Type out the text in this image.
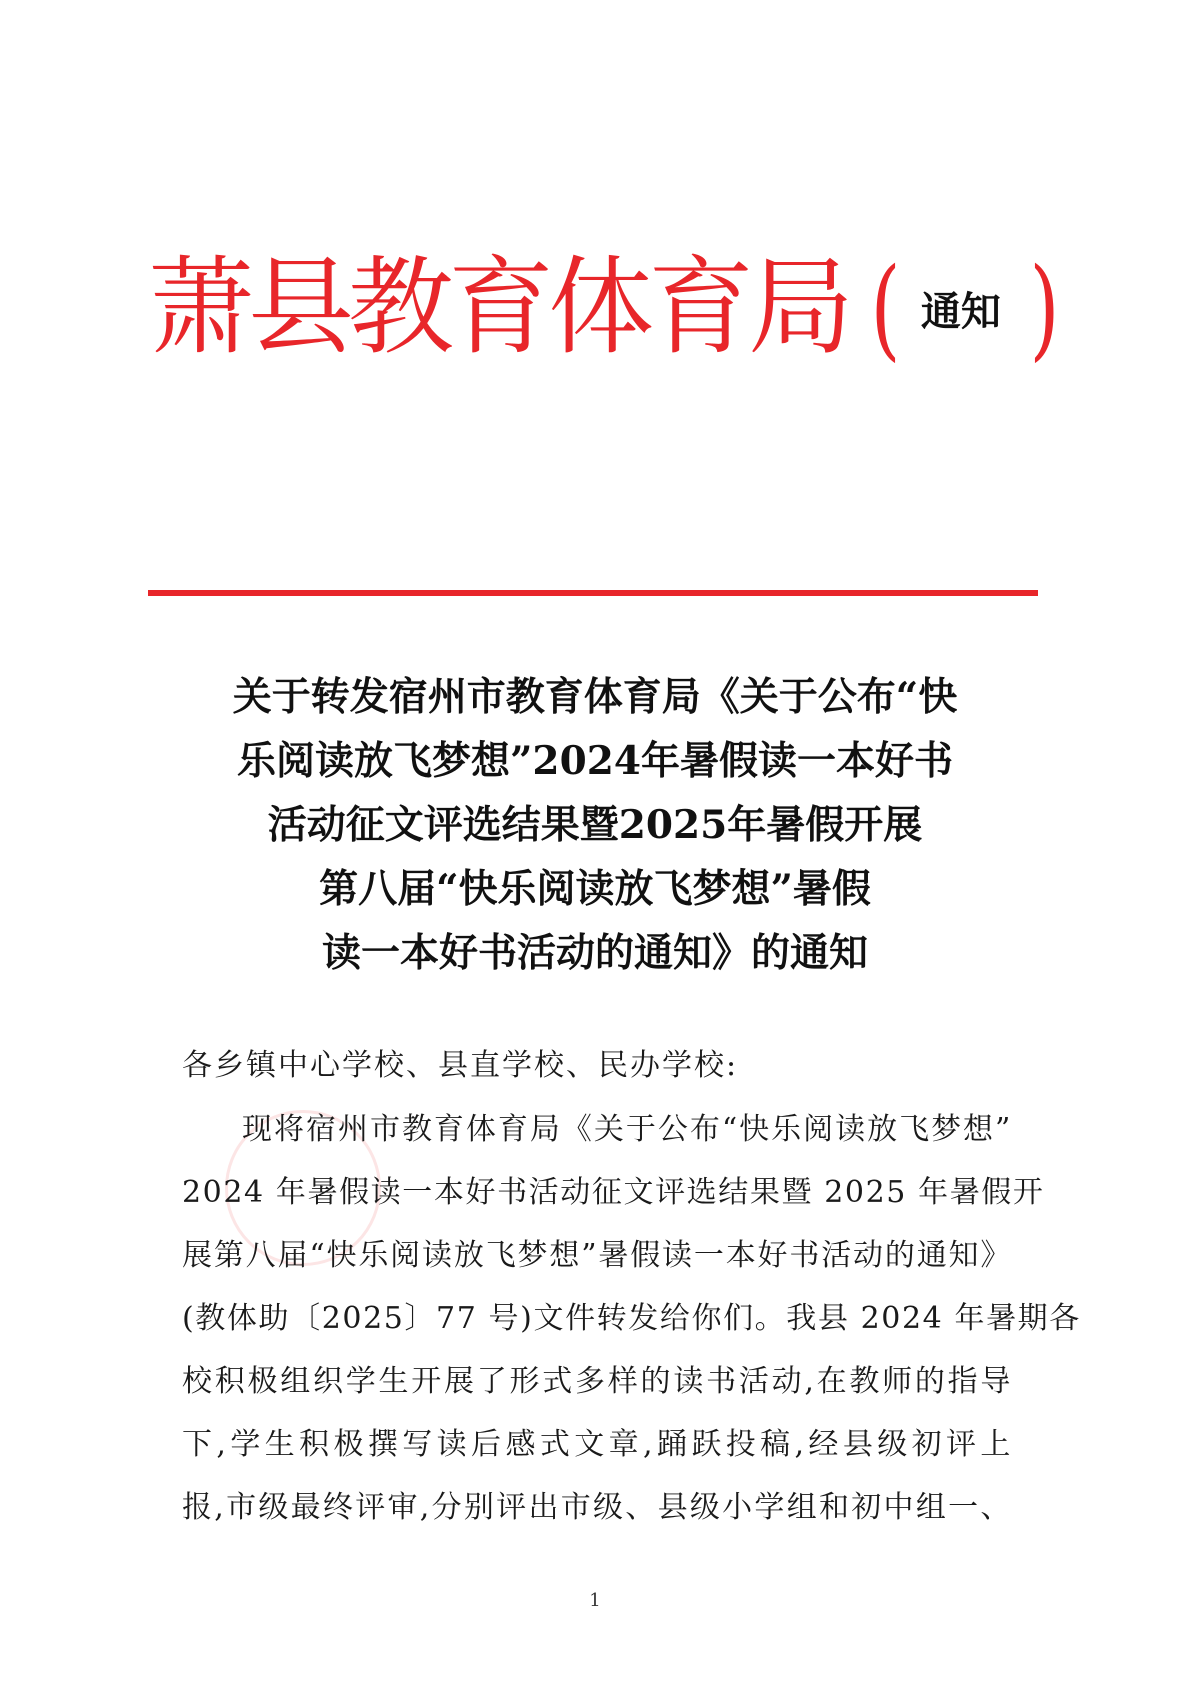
萧县教育体育局 ( 通知 )
关于转发宿州市教育体育局《关于公布“快
乐阅读放飞梦想”2024年暑假读一本好书
活动征文评选结果暨2025年暑假开展
第八届“快乐阅读放飞梦想”暑假
读一本好书活动的通知》的通知
各乡镇中心学校、县直学校、民办学校:
现将宿州市教育体育局《关于公布“快乐阅读放飞梦想”
2024 年暑假读一本好书活动征文评选结果暨 2025 年暑假开
展第八届“快乐阅读放飞梦想”暑假读一本好书活动的通知》
(教体助〔2025〕77 号)文件转发给你们。我县 2024 年暑期各
校积极组织学生开展了形式多样的读书活动,在教师的指导
下,学生积极撰写读后感式文章,踊跃投稿,经县级初评上
报,市级最终评审,分别评出市级、县级小学组和初中组一、
1
